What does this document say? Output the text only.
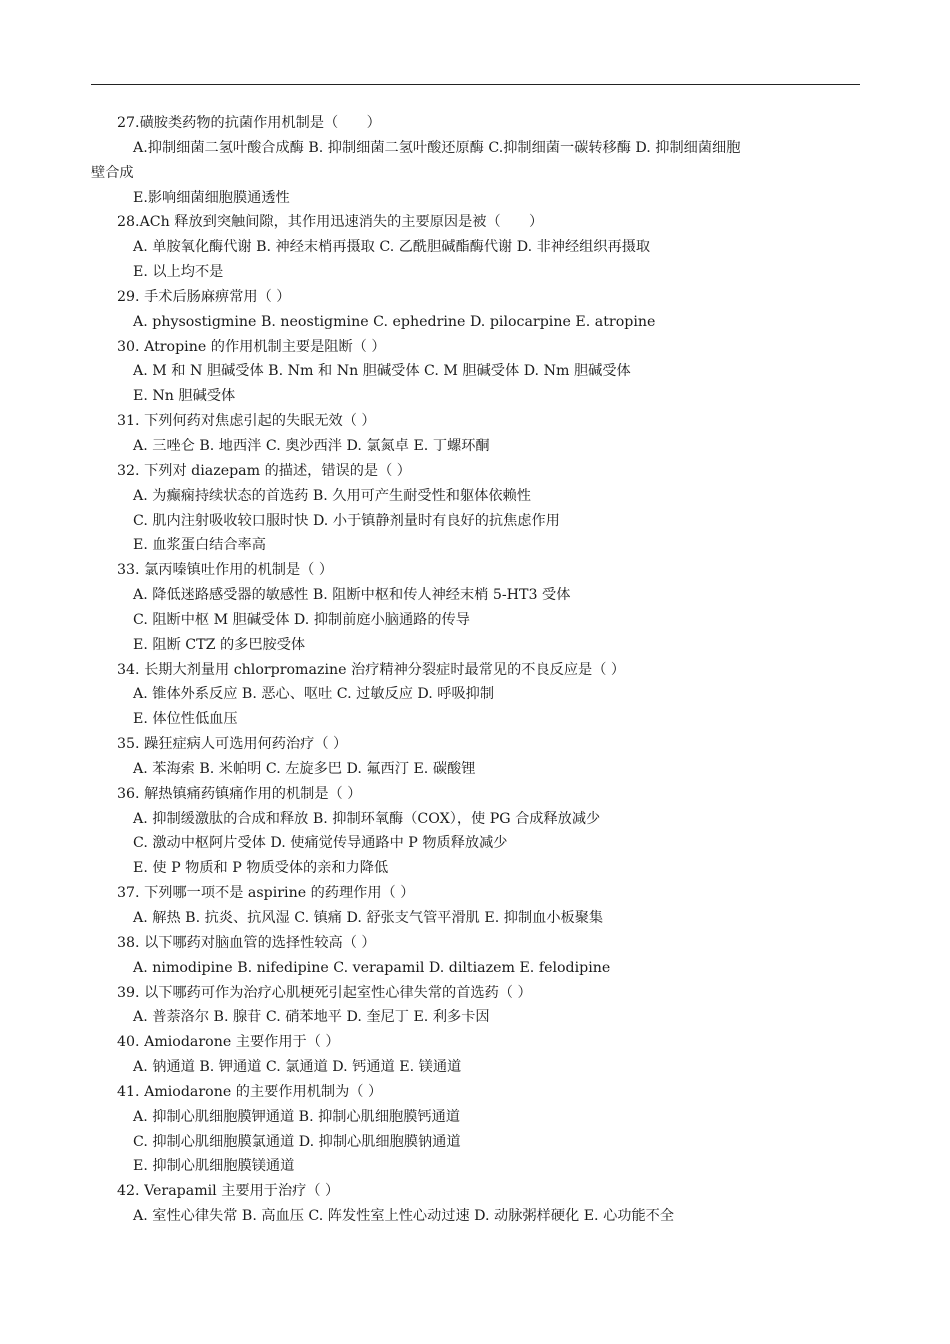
27.磺胺类药物的抗菌作用机制是（　　）
A.抑制细菌二氢叶酸合成酶 B. 抑制细菌二氢叶酸还原酶 C.抑制细菌一碳转移酶 D. 抑制细菌细胞
壁合成
E.影响细菌细胞膜通透性
28.ACh 释放到突触间隙，其作用迅速消失的主要原因是被（　　）
A. 单胺氧化酶代谢 B. 神经末梢再摄取 C. 乙酰胆碱酯酶代谢 D. 非神经组织再摄取
E. 以上均不是
29. 手术后肠麻痹常用（ ）
A. physostigmine B. neostigmine C. ephedrine D. pilocarpine E. atropine
30. Atropine 的作用机制主要是阻断（ ）
A. M 和 N 胆碱受体 B. Nm 和 Nn 胆碱受体 C. M 胆碱受体 D. Nm 胆碱受体
E. Nn 胆碱受体
31. 下列何药对焦虑引起的失眠无效（ ）
A. 三唑仑 B. 地西泮 C. 奥沙西泮 D. 氯氮卓 E. 丁螺环酮
32. 下列对 diazepam 的描述，错误的是（ ）
A. 为癫痫持续状态的首选药 B. 久用可产生耐受性和躯体依赖性
C. 肌内注射吸收较口服时快 D. 小于镇静剂量时有良好的抗焦虑作用
E. 血浆蛋白结合率高
33. 氯丙嗪镇吐作用的机制是（ ）
A. 降低迷路感受器的敏感性 B. 阻断中枢和传人神经末梢 5-HT3 受体
C. 阻断中枢 M 胆碱受体 D. 抑制前庭小脑通路的传导
E. 阻断 CTZ 的多巴胺受体
34. 长期大剂量用 chlorpromazine 治疗精神分裂症时最常见的不良反应是（ ）
A. 锥体外系反应 B. 恶心、呕吐 C. 过敏反应 D. 呼吸抑制
E. 体位性低血压
35. 躁狂症病人可选用何药治疗（ ）
A. 苯海索 B. 米帕明 C. 左旋多巴 D. 氟西汀 E. 碳酸锂
36. 解热镇痛药镇痛作用的机制是（ ）
A. 抑制缓激肽的合成和释放 B. 抑制环氧酶（COX），使 PG 合成释放减少
C. 激动中枢阿片受体 D. 使痛觉传导通路中 P 物质释放减少
E. 使 P 物质和 P 物质受体的亲和力降低
37. 下列哪一项不是 aspirine 的药理作用（ ）
A. 解热 B. 抗炎、抗风湿 C. 镇痛 D. 舒张支气管平滑肌 E. 抑制血小板聚集
38. 以下哪药对脑血管的选择性较高（ ）
A. nimodipine B. nifedipine C. verapamil D. diltiazem E. felodipine
39. 以下哪药可作为治疗心肌梗死引起室性心律失常的首选药（ ）
A. 普萘洛尔 B. 腺苷 C. 硝苯地平 D. 奎尼丁 E. 利多卡因
40. Amiodarone 主要作用于（ ）
A. 钠通道 B. 钾通道 C. 氯通道 D. 钙通道 E. 镁通道
41. Amiodarone 的主要作用机制为（ ）
A. 抑制心肌细胞膜钾通道 B. 抑制心肌细胞膜钙通道
C. 抑制心肌细胞膜氯通道 D. 抑制心肌细胞膜钠通道
E. 抑制心肌细胞膜镁通道
42. Verapamil 主要用于治疗（ ）
A. 室性心律失常 B. 高血压 C. 阵发性室上性心动过速 D. 动脉粥样硬化 E. 心功能不全
